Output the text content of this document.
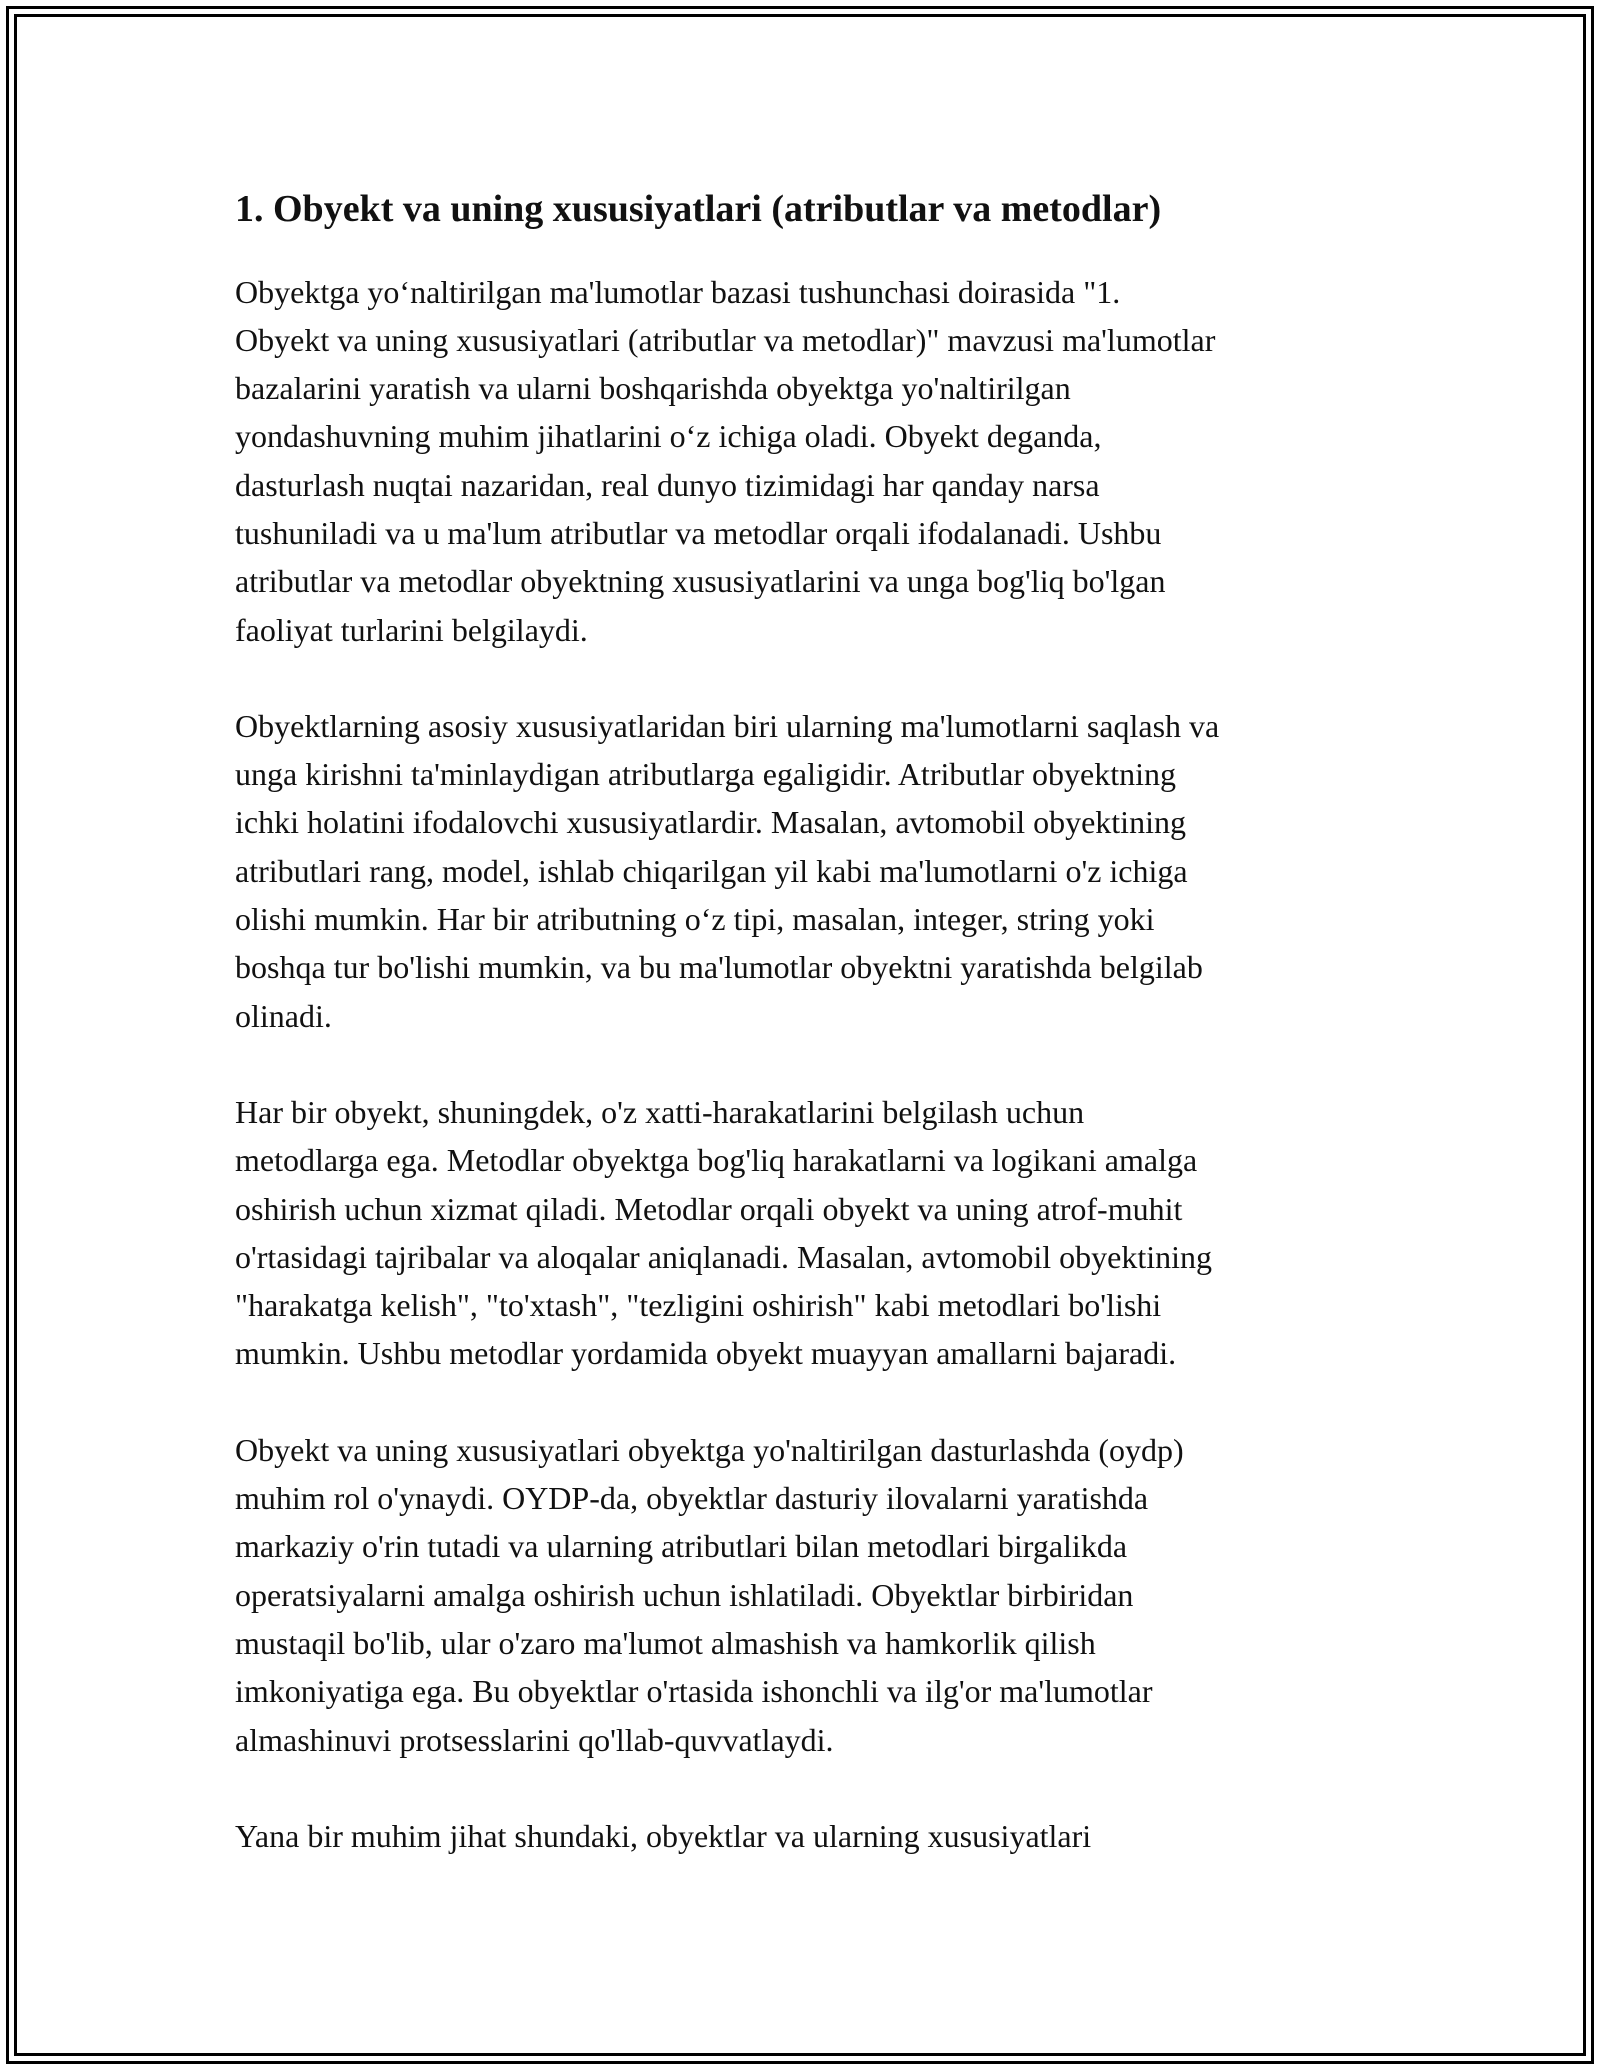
1. Obyekt va uning xususiyatlari (atributlar va metodlar)

Obyektga yo‘naltirilgan ma'lumotlar bazasi tushunchasi doirasida "1.
Obyekt va uning xususiyatlari (atributlar va metodlar)" mavzusi ma'lumotlar
bazalarini yaratish va ularni boshqarishda obyektga yo'naltirilgan
yondashuvning muhim jihatlarini o‘z ichiga oladi. Obyekt deganda,
dasturlash nuqtai nazaridan, real dunyo tizimidagi har qanday narsa
tushuniladi va u ma'lum atributlar va metodlar orqali ifodalanadi. Ushbu
atributlar va metodlar obyektning xususiyatlarini va unga bog'liq bo'lgan
faoliyat turlarini belgilaydi.

Obyektlarning asosiy xususiyatlaridan biri ularning ma'lumotlarni saqlash va
unga kirishni ta'minlaydigan atributlarga egaligidir. Atributlar obyektning
ichki holatini ifodalovchi xususiyatlardir. Masalan, avtomobil obyektining
atributlari rang, model, ishlab chiqarilgan yil kabi ma'lumotlarni o'z ichiga
olishi mumkin. Har bir atributning o‘z tipi, masalan, integer, string yoki
boshqa tur bo'lishi mumkin, va bu ma'lumotlar obyektni yaratishda belgilab
olinadi.

Har bir obyekt, shuningdek, o'z xatti-harakatlarini belgilash uchun
metodlarga ega. Metodlar obyektga bog'liq harakatlarni va logikani amalga
oshirish uchun xizmat qiladi. Metodlar orqali obyekt va uning atrof-muhit
o'rtasidagi tajribalar va aloqalar aniqlanadi. Masalan, avtomobil obyektining
"harakatga kelish", "to'xtash", "tezligini oshirish" kabi metodlari bo'lishi
mumkin. Ushbu metodlar yordamida obyekt muayyan amallarni bajaradi.

Obyekt va uning xususiyatlari obyektga yo'naltirilgan dasturlashda (oydp)
muhim rol o'ynaydi. OYDP-da, obyektlar dasturiy ilovalarni yaratishda
markaziy o'rin tutadi va ularning atributlari bilan metodlari birgalikda
operatsiyalarni amalga oshirish uchun ishlatiladi. Obyektlar birbiridan
mustaqil bo'lib, ular o'zaro ma'lumot almashish va hamkorlik qilish
imkoniyatiga ega. Bu obyektlar o'rtasida ishonchli va ilg'or ma'lumotlar
almashinuvi protsesslarini qo'llab-quvvatlaydi.

Yana bir muhim jihat shundaki, obyektlar va ularning xususiyatlari
